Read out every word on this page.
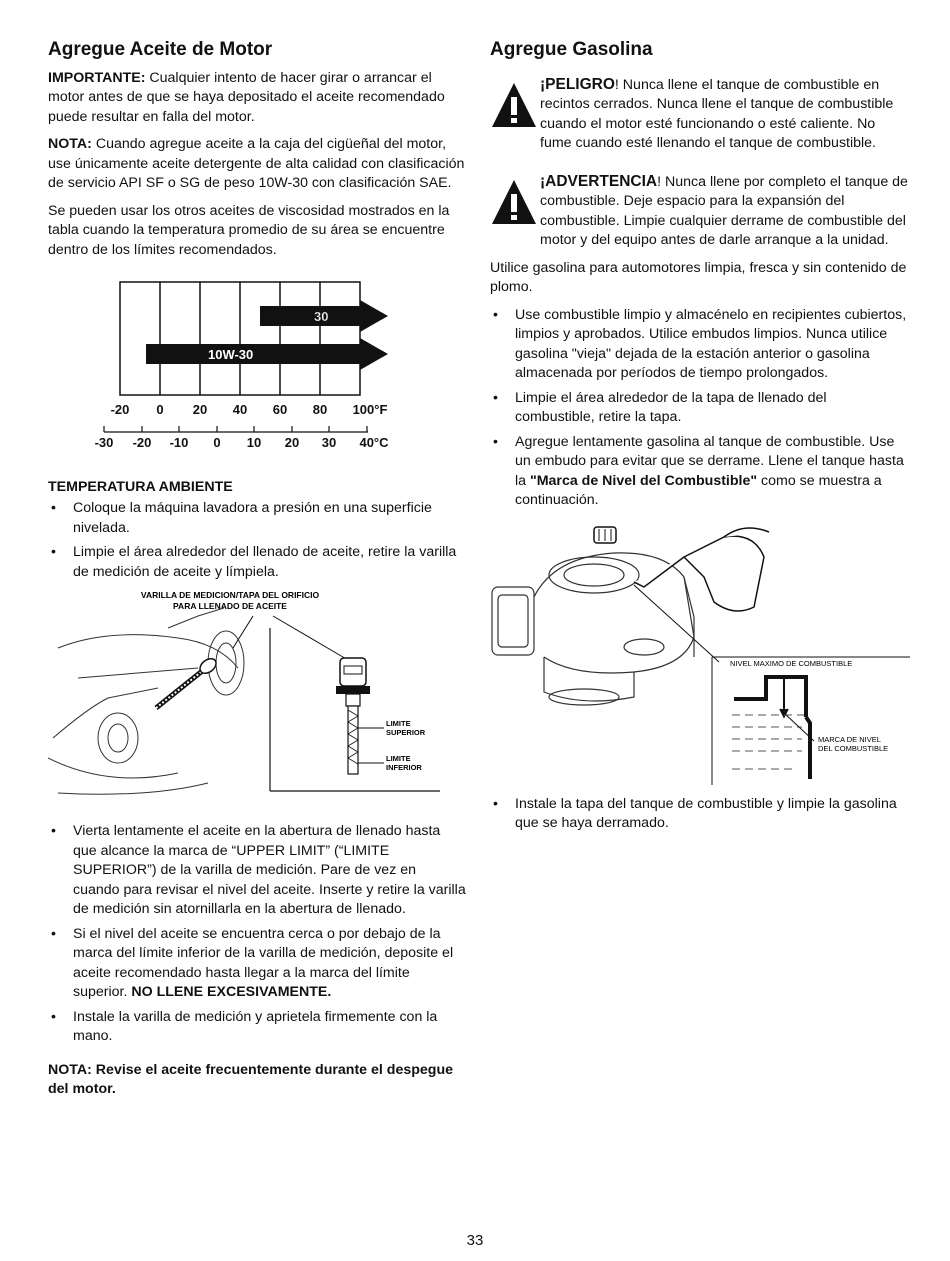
Agregue Aceite de Motor

IMPORTANTE: Cualquier intento de hacer girar o arrancar el motor antes de que se haya depositado el aceite recomendado puede resultar en falla del motor.

NOTA: Cuando agregue aceite a la caja del cigüeñal del motor, use únicamente aceite detergente de alta calidad con clasificación de servicio API SF o SG de peso 10W-30 con clasificación SAE.

Se pueden usar los otros aceites de viscosidad mostrados en la tabla cuando la temperatura promedio de su área se encuentre dentro de los límites recomendados.

30
10W-30
-20 0 20 40 60 80 100°F
-30 -20 -10 0 10 20 30 40°C
TEMPERATURA AMBIENTE
• Coloque la máquina lavadora a presión en una superficie nivelada.
• Limpie el área alrededor del llenado de aceite, retire la varilla de medición de aceite y límpiela.
VARILLA DE MEDICION/TAPA DEL ORIFICIO
PARA LLENADO DE ACEITE
LIMITE
SUPERIOR
LIMITE
INFERIOR
• Vierta lentamente el aceite en la abertura de llenado hasta que alcance la marca de “UPPER LIMIT” (“LIMITE SUPERIOR”) de la varilla de medición. Pare de vez en cuando para revisar el nivel del aceite. Inserte y retire la varilla de medición sin atornillarla en la abertura de llenado.
• Si el nivel del aceite se encuentra cerca o por debajo de la marca del límite inferior de la varilla de medición, deposite el aceite recomendado hasta llegar a la marca del límite superior. NO LLENE EXCESIVAMENTE.
• Instale la varilla de medición y aprietela firmemente con la mano.

NOTA: Revise el aceite frecuentemente durante el despegue del motor.

Agregue Gasolina

¡PELIGRO! Nunca llene el tanque de combustible en recintos cerrados. Nunca llene el tanque de combustible cuando el motor esté funcionando o esté caliente. No fume cuando esté llenando el tanque de combustible.

¡ADVERTENCIA! Nunca llene por completo el tanque de combustible. Deje espacio para la expansión del combustible. Limpie cualquier derrame de combustible del motor y del equipo antes de darle arranque a la unidad.

Utilice gasolina para automotores limpia, fresca y sin contenido de plomo.

• Use combustible limpio y almacénelo en recipientes cubiertos, limpios y aprobados. Utilice embudos limpios. Nunca utilice gasolina "vieja" dejada de la estación anterior o gasolina almacenada por períodos de tiempo prolongados.
• Limpie el área alrededor de la tapa de llenado del combustible, retire la tapa.
• Agregue lentamente gasolina al tanque de combustible. Use un embudo para evitar que se derrame. Llene el tanque hasta la "Marca de Nivel del Combustible" como se muestra a continuación.
NIVEL MAXIMO DE COMBUSTIBLE
MARCA DE NIVEL
DEL COMBUSTIBLE
• Instale la tapa del tanque de combustible y limpie la gasolina que se haya derramado.
33
